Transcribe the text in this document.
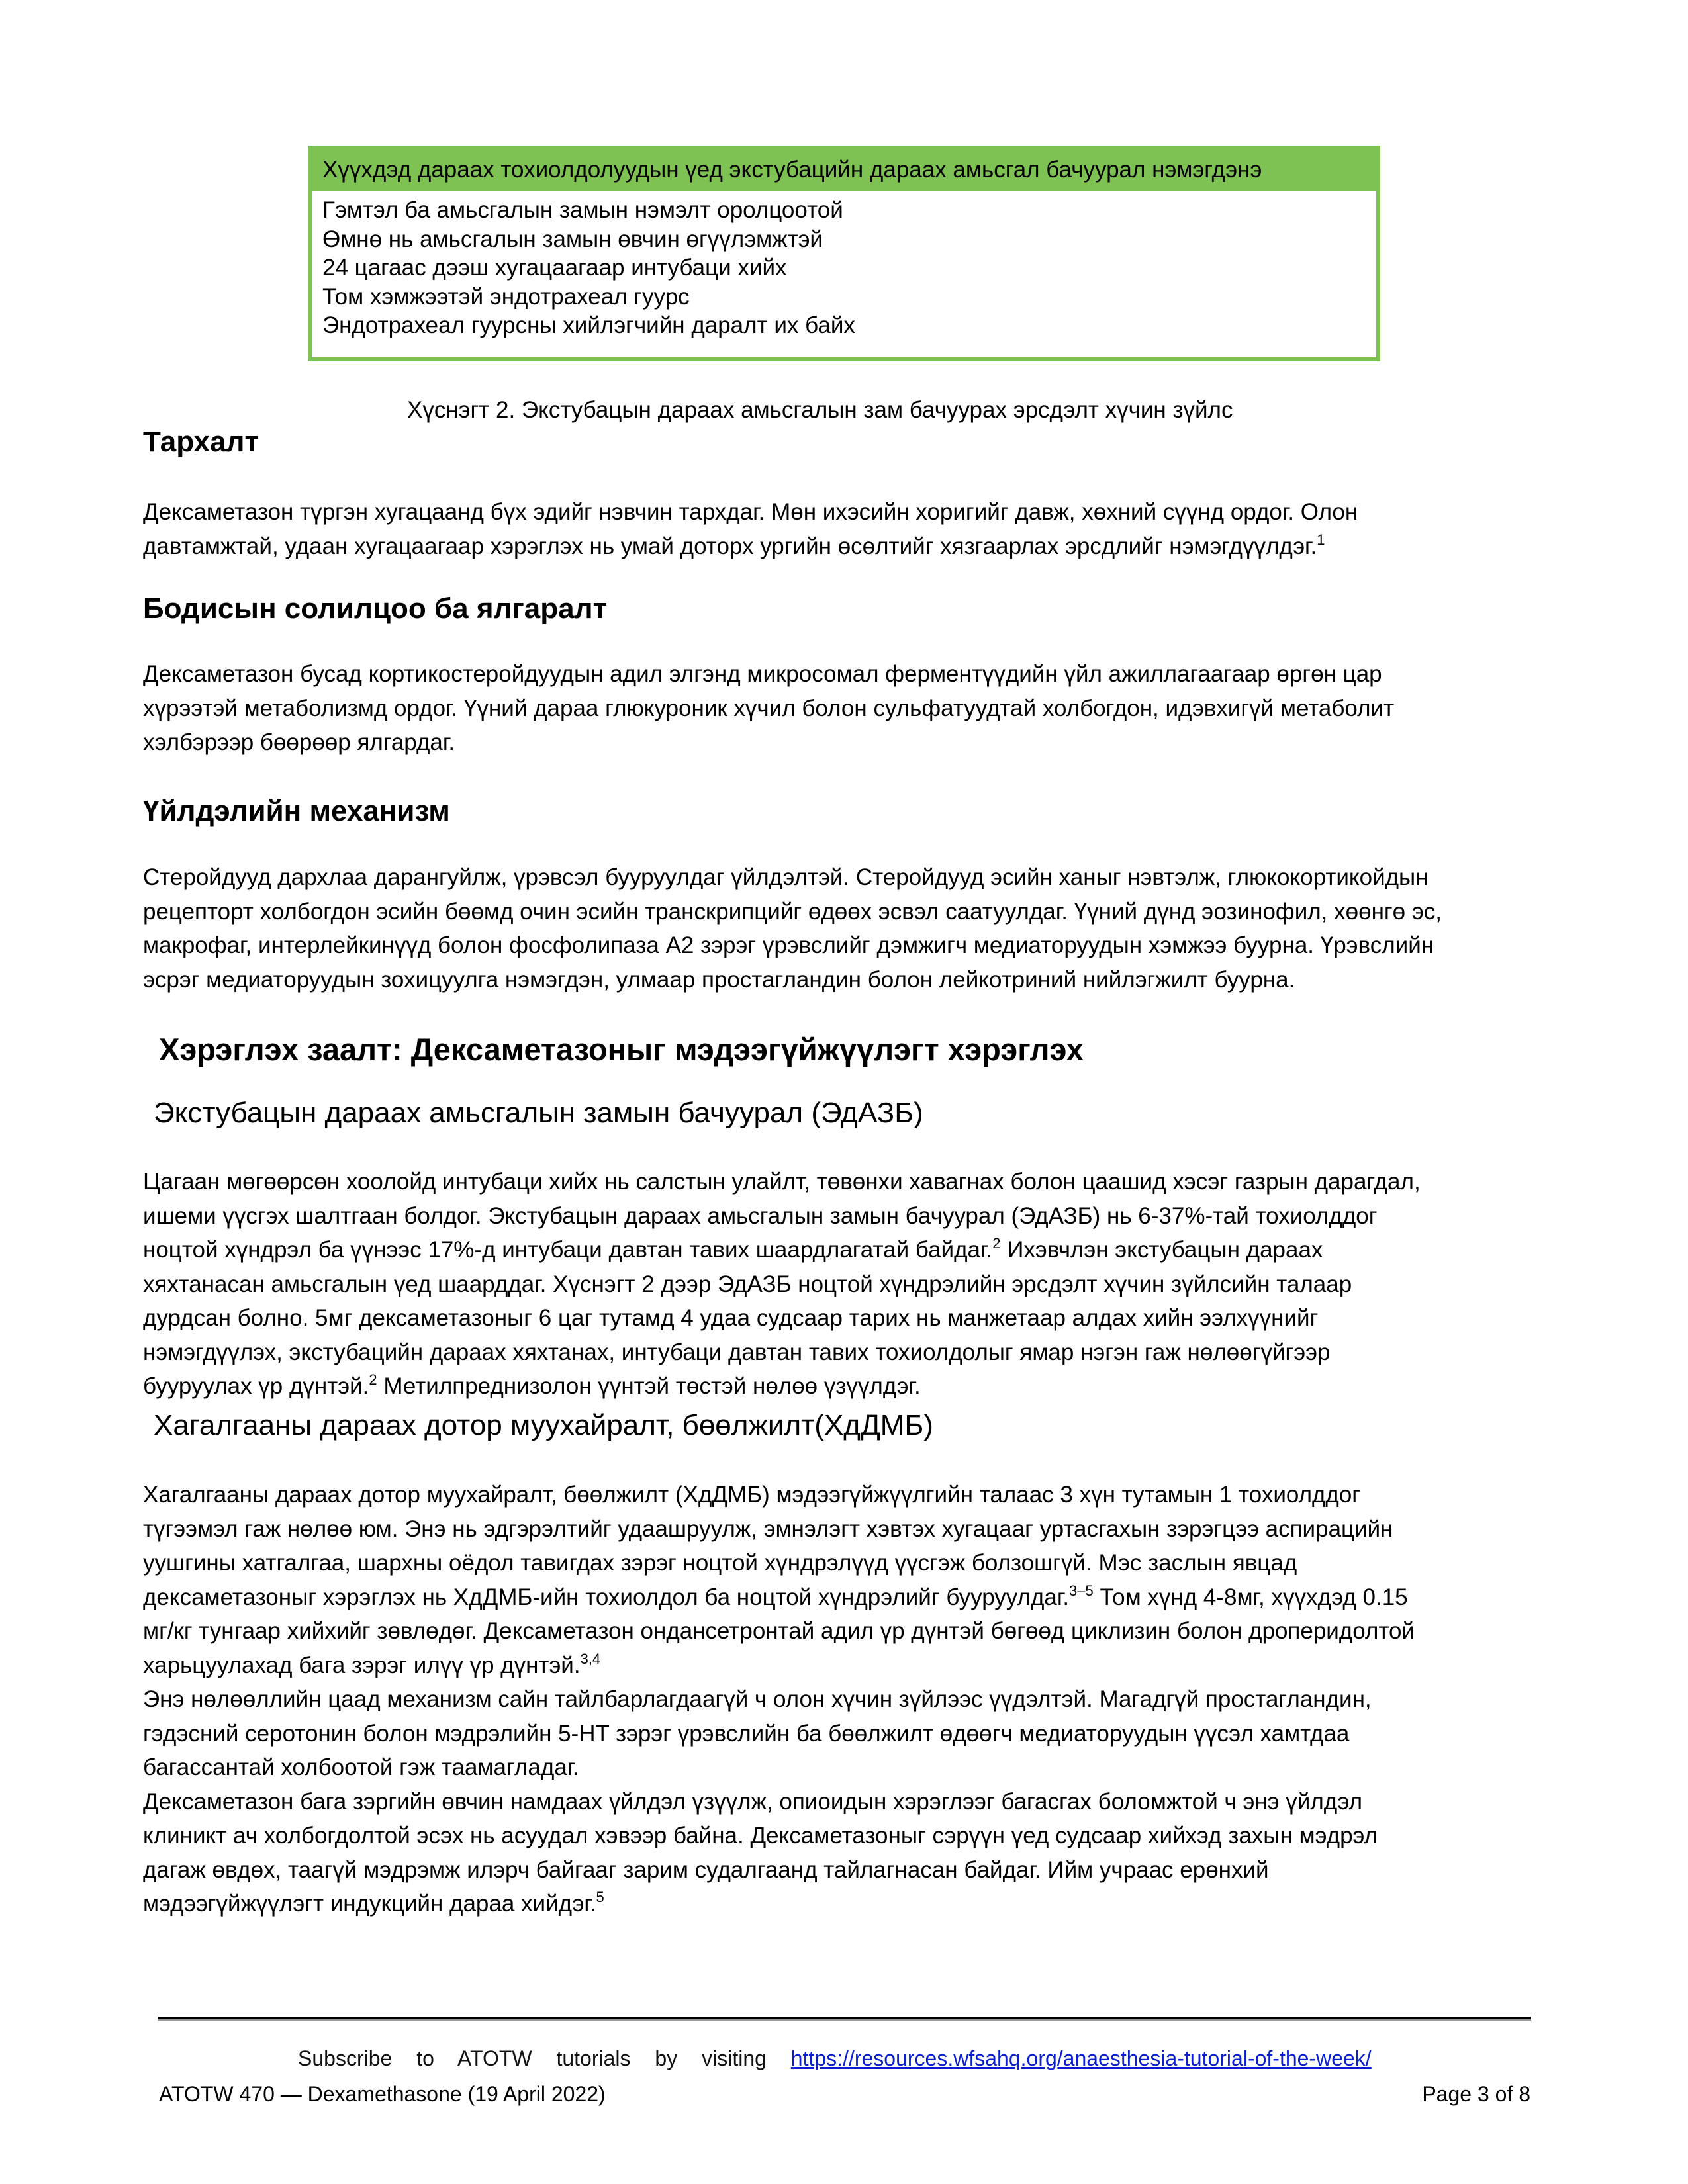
Хүүхдэд дараах тохиолдолуудын үед экстубацийн дараах амьсгал бачуурал нэмэгдэнэ
Гэмтэл ба амьсгалын замын нэмэлт оролцоотой
Өмнө нь амьсгалын замын өвчин өгүүлэмжтэй
24 цагаас дээш хугацаагаар интубаци хийх
Том хэмжээтэй эндотрахеал гуурс
Эндотрахеал гуурсны хийлэгчийн даралт их байх
Хүснэгт 2. Экстубацын дараах амьсгалын зам бачуурах эрсдэлт хүчин зүйлс
Тархалт
Дексаметазон түргэн хугацаанд бүх эдийг нэвчин тархдаг. Мөн ихэсийн хоригийг давж, хөхний сүүнд ордог. Олон
давтамжтай, удаан хугацаагаар хэрэглэх нь умай доторх ургийн өсөлтийг хязгаарлах эрсдлийг нэмэгдүүлдэг.$^1$
Бодисын солилцоо ба ялгаралт
Дексаметазон бусад кортикостеройдуудын адил элгэнд микросомал ферментүүдийн үйл ажиллагаагаар өргөн цар
хүрээтэй метаболизмд ордог. Үүний дараа глюкуроник хүчил болон сульфатуудтай холбогдон, идэвхигүй метаболит
хэлбэрээр бөөрөөр ялгардаг.
Үйлдэлийн механизм
Стеройдууд дархлаа дарангуйлж, үрэвсэл бууруулдаг үйлдэлтэй. Стеройдууд эсийн ханыг нэвтэлж, глюкокортикойдын
рецепторт холбогдон эсийн бөөмд очин эсийн транскрипцийг өдөөх эсвэл саатуулдаг. Үүний дүнд эозинофил, хөөнгө эс,
макрофаг, интерлейкинүүд болон фосфолипаза А2 зэрэг үрэвслийг дэмжигч медиаторуудын хэмжээ буурна. Үрэвслийн
эсрэг медиаторуудын зохицуулга нэмэгдэн, улмаар простагландин болон лейкотриний нийлэгжилт буурна.
Хэрэглэх заалт: Дексаметазоныг мэдээгүйжүүлэгт хэрэглэх
Экстубацын дараах амьсгалын замын бачуурал (ЭдАЗБ)
Цагаан мөгөөрсөн хоолойд интубаци хийх нь салстын улайлт, төвөнхи хавагнах болон цаашид хэсэг газрын дарагдал,
ишеми үүсгэх шалтгаан болдог. Экстубацын дараах амьсгалын замын бачуурал (ЭдАЗБ) нь 6-37%-тай тохиолддог
ноцтой хүндрэл ба үүнээс 17%-д интубаци давтан тавих шаардлагатай байдаг.$^2$ Ихэвчлэн экстубацын дараах
хяхтанасан амьсгалын үед шаарддаг. Хүснэгт 2 дээр ЭдАЗБ ноцтой хүндрэлийн эрсдэлт хүчин зүйлсийн талаар
дурдсан болно. 5мг дексаметазоныг 6 цаг тутамд 4 удаа судсаар тарих нь манжетаар алдах хийн ээлхүүнийг
нэмэгдүүлэх, экстубацийн дараах хяхтанах, интубаци давтан тавих тохиолдолыг ямар нэгэн гаж нөлөөгүйгээр
бууруулах үр дүнтэй.$^2$ Метилпреднизолон үүнтэй төстэй нөлөө үзүүлдэг.
Хагалгааны дараах дотор муухайралт, бөөлжилт(ХдДМБ)
Хагалгааны дараах дотор муухайралт, бөөлжилт (ХдДМБ) мэдээгүйжүүлгийн талаас 3 хүн тутамын 1 тохиолддог
түгээмэл гаж нөлөө юм. Энэ нь эдгэрэлтийг удаашруулж, эмнэлэгт хэвтэх хугацааг уртасгахын зэрэгцээ аспирацийн
уушгины хатгалгаа, шархны оёдол тавигдах зэрэг ноцтой хүндрэлүүд үүсгэж болзошгүй. Мэс заслын явцад
дексаметазоныг хэрэглэх нь ХдДМБ-ийн тохиолдол ба ноцтой хүндрэлийг бууруулдаг.$^{3-5}$ Том хүнд 4-8мг, хүүхдэд 0.15
мг/кг тунгаар хийхийг зөвлөдөг. Дексаметазон ондансетронтай адил үр дүнтэй бөгөөд циклизин болон дроперидолтой
харьцуулахад бага зэрэг илүү үр дүнтэй.$^{3,4}$
Энэ нөлөөллийн цаад механизм сайн тайлбарлагдаагүй ч олон хүчин зүйлээс үүдэлтэй. Магадгүй простагландин,
гэдэсний серотонин болон мэдрэлийн 5-HT зэрэг үрэвслийн ба бөөлжилт өдөөгч медиаторуудын үүсэл хамтдаа
багассантай холбоотой гэж таамагладаг.
Дексаметазон бага зэргийн өвчин намдаах үйлдэл үзүүлж, опиоидын хэрэглээг багасгах боломжтой ч энэ үйлдэл
клиникт ач холбогдолтой эсэх нь асуудал хэвээр байна. Дексаметазоныг сэрүүн үед судсаар хийхэд захын мэдрэл
дагаж өвдөх, таагүй мэдрэмж илэрч байгааг зарим судалгаанд тайлагнасан байдаг. Ийм учраас ерөнхий
мэдээгүйжүүлэгт индукцийн дараа хийдэг.$^5$
Subscribe to ATOTW tutorials by visiting https://resources.wfsahq.org/anaesthesia-tutorial-of-the-week/
ATOTW 470 — Dexamethasone (19 April 2022)	Page 3 of 8
